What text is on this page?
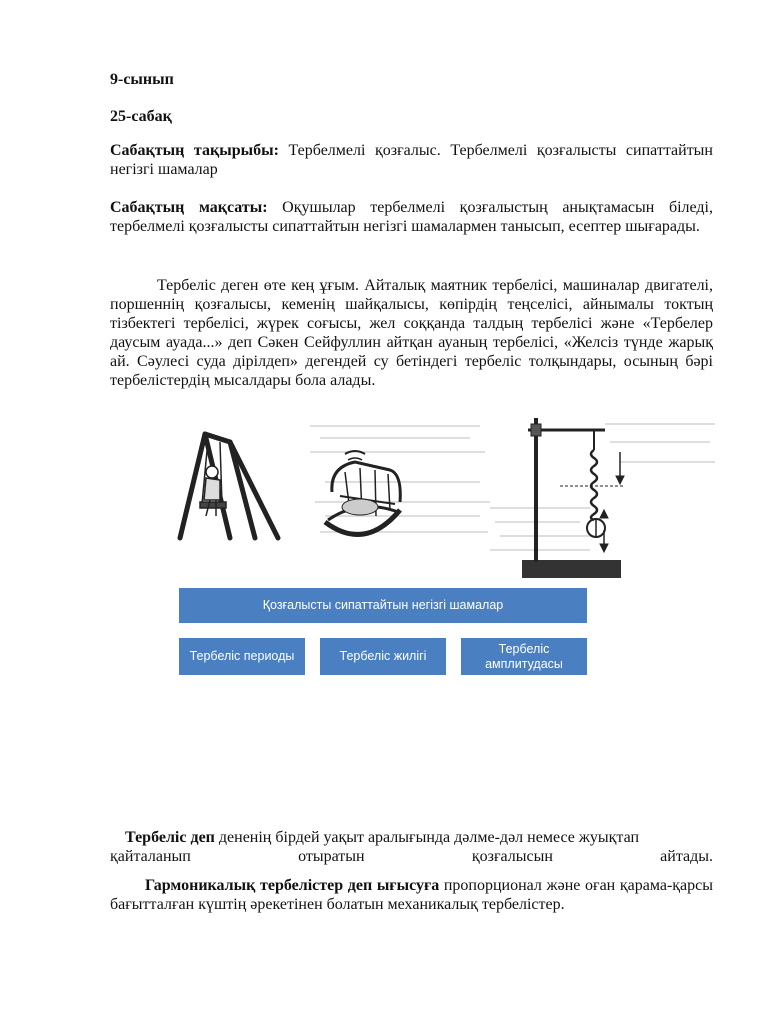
9-сынып

25-сабақ

Сабақтың тақырыбы: Тербелмелі қозғалыс. Тербелмелі қозғалысты сипаттайтын негізгі шамалар

Сабақтың мақсаты: Оқушылар тербелмелі қозғалыстың анықтамасын біледі, тербелмелі қозғалысты сипаттайтын негізгі шамалармен танысып, есептер шығарады.

Тербеліс деген өте кең ұғым. Айталық маятник тербелісі, машиналар двигателі, поршеннің қозғалысы, кеменің шайқалысы, көпірдің теңселісі, айнымалы токтың тізбектегі тербелісі, жүрек соғысы, жел соққанда талдың тербелісі және «Тербелер даусым ауада...» деп Сәкен Сейфуллин айтқан ауаның тербелісі, «Желсіз түнде жарық ай. Сәулесі суда дірілдеп» дегендей су бетіндегі тербеліс толқындары, осының бәрі тербелістердің мысалдары бола алады.

Қозғалысты сипаттайтын негізгі шамалар
Тербеліс периоды	Тербеліс жилігі
Тербеліс амплитудасы

Тербеліс деп дененің бірдей уақыт аралығында дәлме-дәл немесе жуықтап
қайталанып отыратын қозғалысын айтады.

Гармоникалық тербелістер деп ығысуға пропорционал және оған қарама-қарсы бағытталған күштің әрекетінен болатын механикалық тербелістер.
